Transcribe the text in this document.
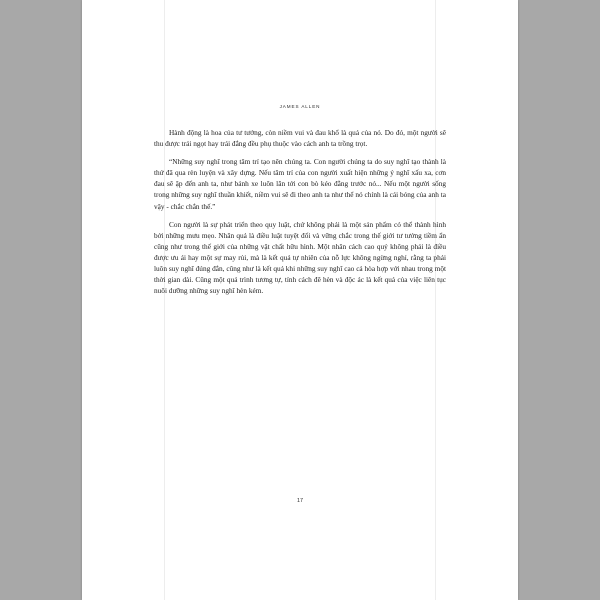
JAMES ALLEN

Hành động là hoa của tư tưởng, còn niềm vui và đau khổ là quả của nó. Do đó, một người sẽ thu được trái ngọt hay trái đắng đều phụ thuộc vào cách anh ta trồng trọt.

“Những suy nghĩ trong tâm trí tạo nên chúng ta. Con người chúng ta do suy nghĩ tạo thành là thứ đã qua rèn luyện và xây dựng. Nếu tâm trí của con người xuất hiện những ý nghĩ xấu xa, cơn đau sẽ ập đến anh ta, như bánh xe luôn lăn tới con bò kéo đằng trước nó... Nếu một người sống trong những suy nghĩ thuần khiết, niềm vui sẽ đi theo anh ta như thể nó chính là cái bóng của anh ta vậy - chắc chắn thế.”

Con người là sự phát triển theo quy luật, chứ không phải là một sản phẩm có thể thành hình bởi những mưu mẹo. Nhân quả là điều luật tuyệt đối và vững chắc trong thế giới tư tưởng tiềm ẩn cũng như trong thế giới của những vật chất hữu hình. Một nhân cách cao quý không phải là điều được ưu ái hay một sự may rủi, mà là kết quả tự nhiên của nỗ lực không ngừng nghỉ, rằng ta phải luôn suy nghĩ đúng đắn, cũng như là kết quả khi những suy nghĩ cao cả hòa hợp với nhau trong một thời gian dài. Cũng một quá trình tương tự, tính cách đê hèn và độc ác là kết quả của việc liên tục nuôi dưỡng những suy nghĩ hèn kém.

17
